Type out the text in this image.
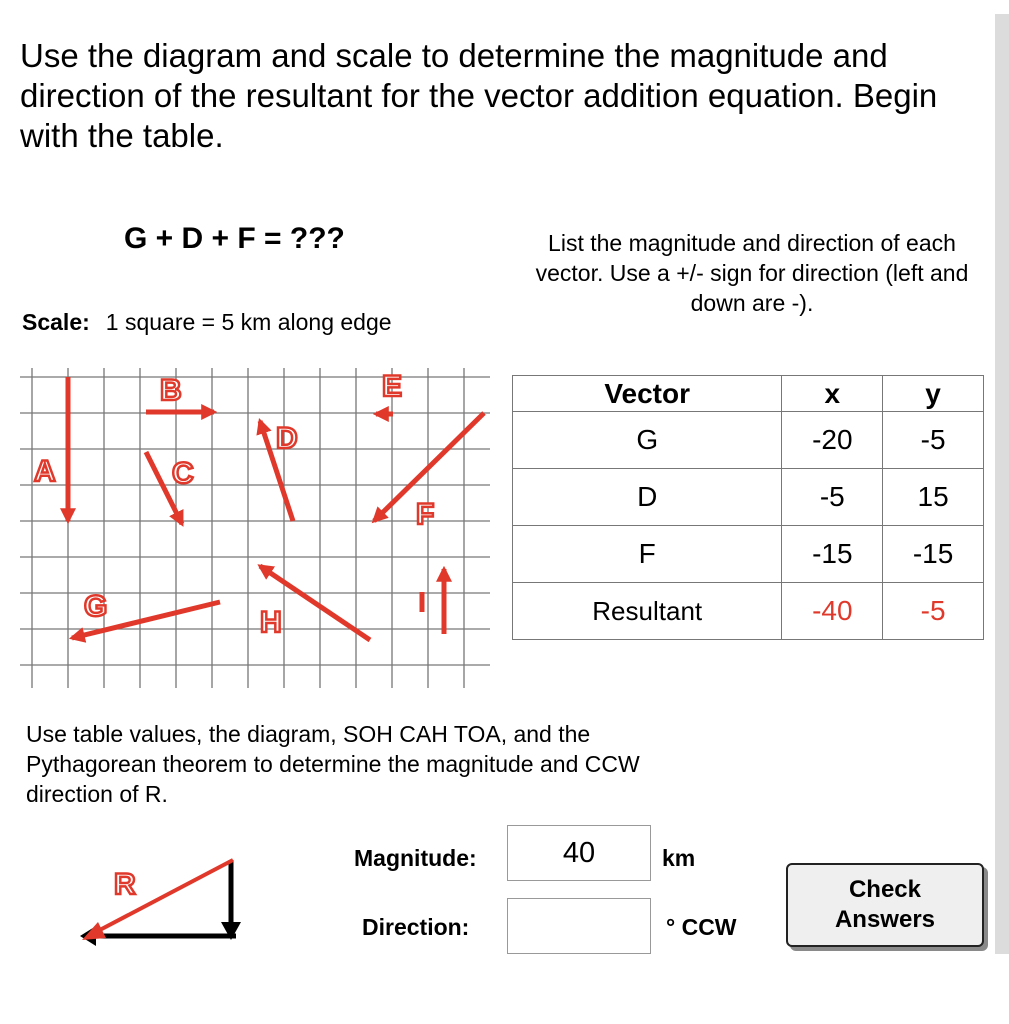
Use the diagram and scale to determine the magnitude and direction of the resultant for the vector addition equation. Begin with the table.

G + D + F = ???	List the magnitude and direction of each vector. Use a +/- sign for direction (left and down are -).
Scale: 1 square = 5 km along edge
A
B
C
D
E
F
G	H
Vector	x	y
G	-20	-5
D	-5	15
F	-15	-15
Resultant	-40	-5
Use table values, the diagram, SOH CAH TOA, and the Pythagorean theorem to determine the magnitude and CCW direction of R.
R
Magnitude:
40	km
Direction:	° CCW
Check Answers
